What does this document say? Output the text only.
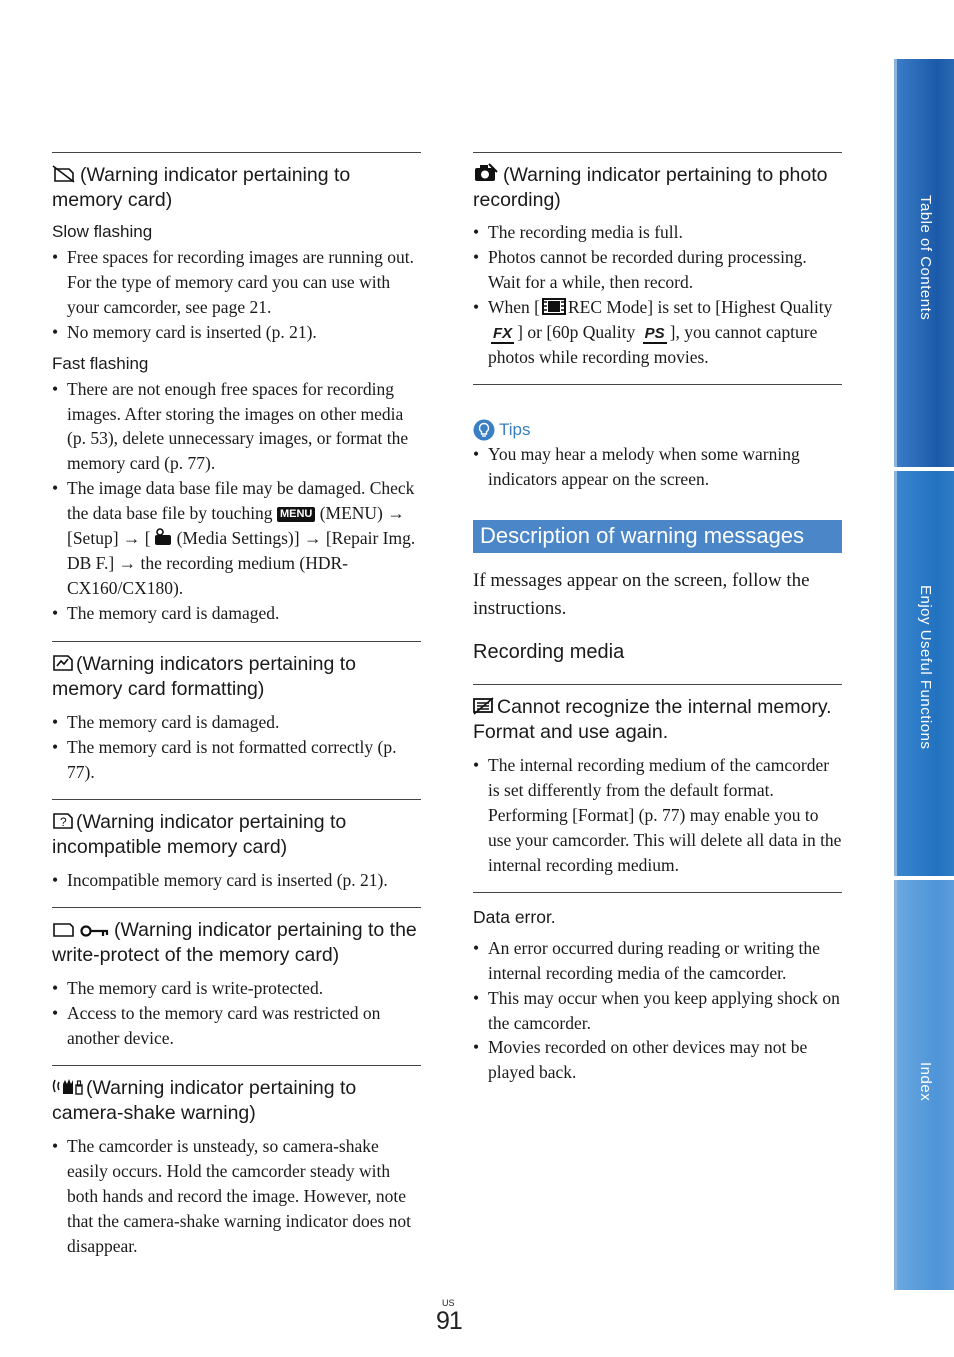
(Warning indicator pertaining to memory card)
Slow flashing
• Free spaces for recording images are running out. For the type of memory card you can use with your camcorder, see page 21.
• No memory card is inserted (p. 21).
Fast flashing
• There are not enough free spaces for recording images. After storing the images on other media (p. 53), delete unnecessary images, or format the memory card (p. 77).
• The image data base file may be damaged. Check the data base file by touching MENU (MENU) → [Setup] → [ (Media Settings)] → [Repair Img. DB F.] → the recording medium (HDR-CX160/CX180).
• The memory card is damaged.
(Warning indicators pertaining to memory card formatting)
• The memory card is damaged.
• The memory card is not formatted correctly (p. 77).
? (Warning indicator pertaining to incompatible memory card)
• Incompatible memory card is inserted (p. 21).
(Warning indicator pertaining to the write-protect of the memory card)
• The memory card is write-protected.
• Access to the memory card was restricted on another device.
(Warning indicator pertaining to camera-shake warning)
• The camcorder is unsteady, so camera-shake easily occurs. Hold the camcorder steady with both hands and record the image. However, note that the camera-shake warning indicator does not disappear.
(Warning indicator pertaining to photo recording)
• The recording media is full.
• Photos cannot be recorded during processing. Wait for a while, then record.
• When [ REC Mode] is set to [Highest Quality FX ] or [60p Quality PS ], you cannot capture photos while recording movies.
Tips
• You may hear a melody when some warning indicators appear on the screen.
Description of warning messages

If messages appear on the screen, follow the instructions.

Recording media
Cannot recognize the internal memory. Format and use again.
• The internal recording medium of the camcorder is set differently from the default format. Performing [Format] (p. 77) may enable you to use your camcorder. This will delete all data in the internal recording medium.
Data error.
• An error occurred during reading or writing the internal recording media of the camcorder.
• This may occur when you keep applying shock on the camcorder.
• Movies recorded on other devices may not be played back.
Table of Contents
Enjoy Useful Functions
Index
US
91
